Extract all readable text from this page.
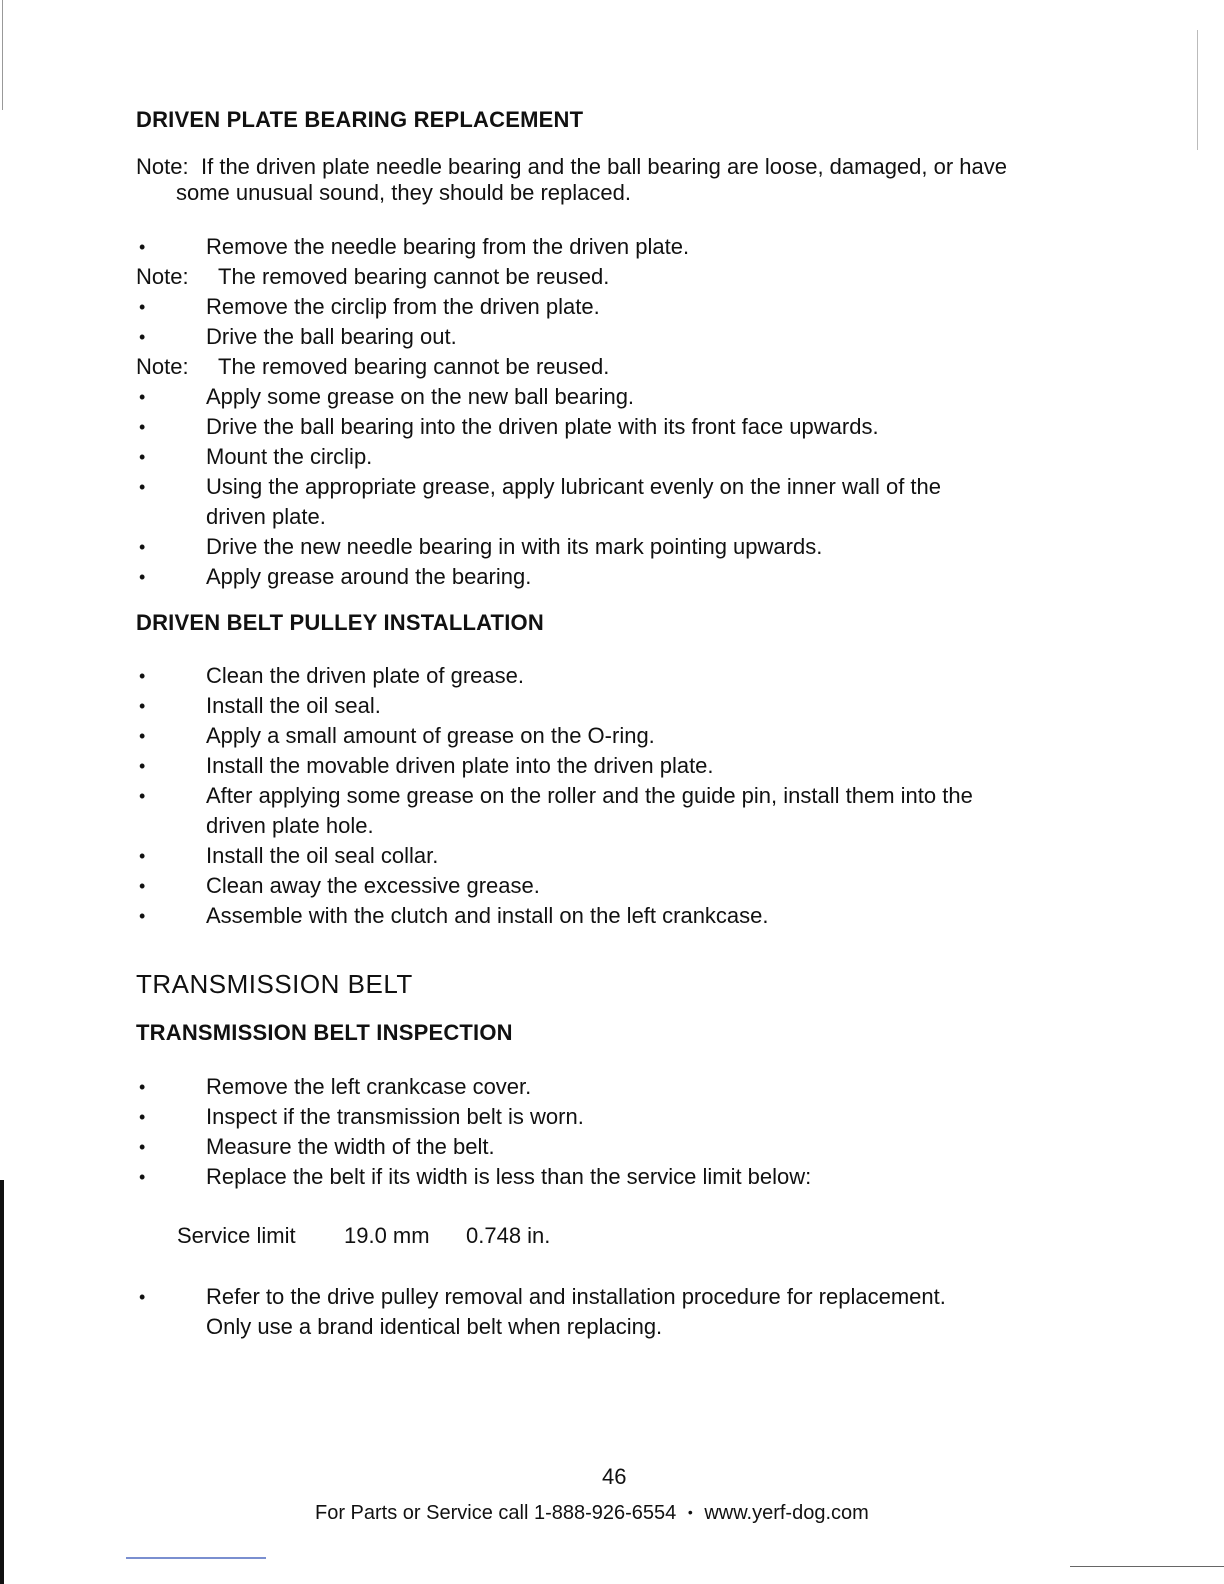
DRIVEN PLATE BEARING REPLACEMENT
Note: If the driven plate needle bearing and the ball bearing are loose, damaged, or have
some unusual sound, they should be replaced.
•	Remove the needle bearing from the driven plate.
Note: The removed bearing cannot be reused.
•	Remove the circlip from the driven plate.
•	Drive the ball bearing out.
Note: The removed bearing cannot be reused.
•	Apply some grease on the new ball bearing.
•	Drive the ball bearing into the driven plate with its front face upwards.
•	Mount the circlip.
•	Using the appropriate grease, apply lubricant evenly on the inner wall of the
driven plate.
•	Drive the new needle bearing in with its mark pointing upwards.
•	Apply grease around the bearing.
DRIVEN BELT PULLEY INSTALLATION
•	Clean the driven plate of grease.
•	Install the oil seal.
•	Apply a small amount of grease on the O-ring.
•	Install the movable driven plate into the driven plate.
•	After applying some grease on the roller and the guide pin, install them into the
driven plate hole.
•	Install the oil seal collar.
•	Clean away the excessive grease.
•	Assemble with the clutch and install on the left crankcase.
TRANSMISSION BELT
TRANSMISSION BELT INSPECTION
•	Remove the left crankcase cover.
•	Inspect if the transmission belt is worn.
•	Measure the width of the belt.
•	Replace the belt if its width is less than the service limit below:
Service limit 19.0 mm 0.748 in.
•	Refer to the drive pulley removal and installation procedure for replacement.
Only use a brand identical belt when replacing.
46
For Parts or Service call 1-888-926-6554 • www.yerf-dog.com
